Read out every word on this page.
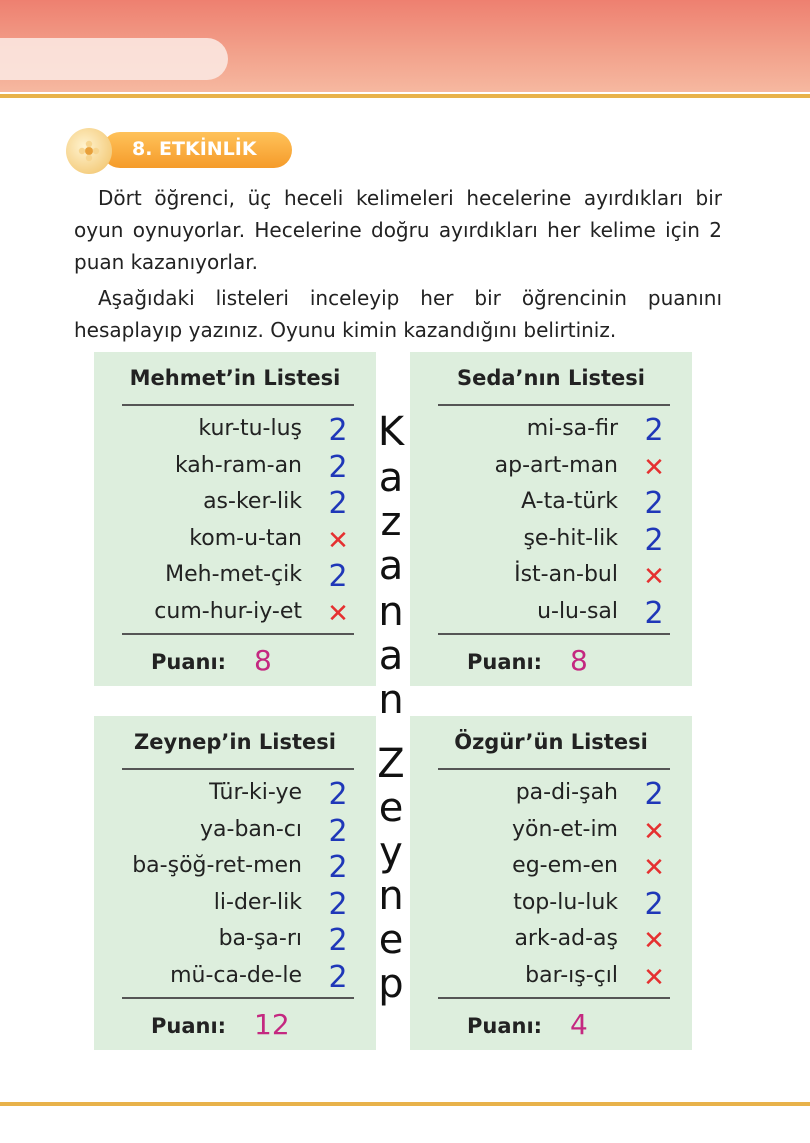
8. ETKİNLİK
Dört öğrenci, üç heceli kelimeleri hecelerine ayırdıkları bir oyun oynuyorlar. Hecelerine doğru ayırdıkları her kelime için 2 puan kazanıyorlar.
Aşağıdaki listeleri inceleyip her bir öğrencinin puanını hesaplayıp yazınız. Oyunu kimin kazandığını belirtiniz.
Mehmet’in Listesi
kur-tu-luş 2
kah-ram-an 2
as-ker-lik 2
kom-u-tan ✕
Meh-met-çik 2
cum-hur-iy-et ✕
Puanı: 8
Seda’nın Listesi
mi-sa-fir 2
ap-art-man ✕
A-ta-türk 2
şe-hit-lik 2
İst-an-bul ✕
u-lu-sal 2
Puanı: 8
Zeynep’in Listesi
Tür-ki-ye 2
ya-ban-cı 2
ba-şöğ-ret-men 2
li-der-lik 2
ba-şa-rı 2
mü-ca-de-le 2
Puanı: 12
Özgür’ün Listesi
pa-di-şah 2
yön-et-im ✕
eg-em-en ✕
top-lu-luk 2
ark-ad-aş ✕
bar-ış-çıl ✕
Puanı: 4
K
a
z
a
n
a
n
Z
e
y
n
e
p
